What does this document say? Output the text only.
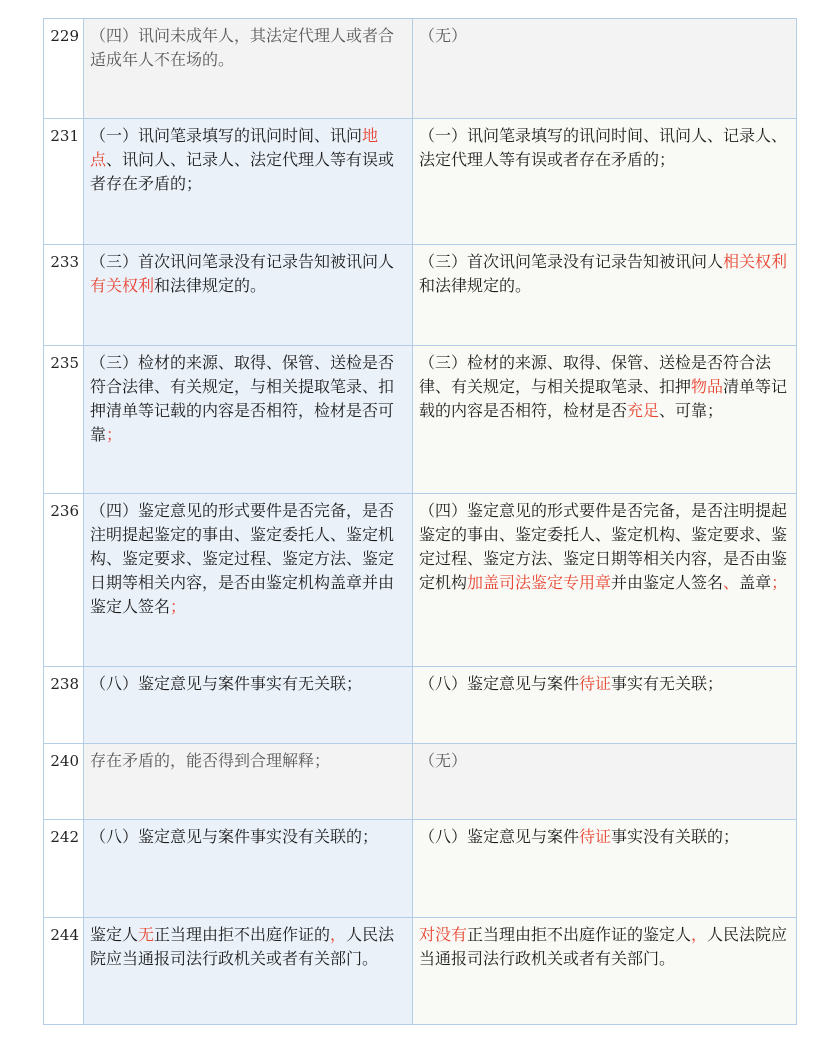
229	（四）讯问未成年人，其法定代理人或者合适成年人不在场的。	（无）
231	（一）讯问笔录填写的讯问时间、讯问地点、讯问人、记录人、法定代理人等有误或者存在矛盾的；	（一）讯问笔录填写的讯问时间、讯问人、记录人、法定代理人等有误或者存在矛盾的；
233	（三）首次讯问笔录没有记录告知被讯问人有关权利和法律规定的。	（三）首次讯问笔录没有记录告知被讯问人相关权利和法律规定的。
235	（三）检材的来源、取得、保管、送检是否符合法律、有关规定，与相关提取笔录、扣押清单等记载的内容是否相符，检材是否可靠；	（三）检材的来源、取得、保管、送检是否符合法律、有关规定，与相关提取笔录、扣押物品清单等记载的内容是否相符，检材是否充足、可靠；
236	（四）鉴定意见的形式要件是否完备，是否注明提起鉴定的事由、鉴定委托人、鉴定机构、鉴定要求、鉴定过程、鉴定方法、鉴定日期等相关内容，是否由鉴定机构盖章并由鉴定人签名；	（四）鉴定意见的形式要件是否完备，是否注明提起鉴定的事由、鉴定委托人、鉴定机构、鉴定要求、鉴定过程、鉴定方法、鉴定日期等相关内容，是否由鉴定机构加盖司法鉴定专用章并由鉴定人签名、盖章；
238	（八）鉴定意见与案件事实有无关联；	（八）鉴定意见与案件待证事实有无关联；
240	存在矛盾的，能否得到合理解释；	（无）
242	（八）鉴定意见与案件事实没有关联的；	（八）鉴定意见与案件待证事实没有关联的；
244	鉴定人无正当理由拒不出庭作证的，人民法院应当通报司法行政机关或者有关部门。	对没有正当理由拒不出庭作证的鉴定人，人民法院应当通报司法行政机关或者有关部门。
